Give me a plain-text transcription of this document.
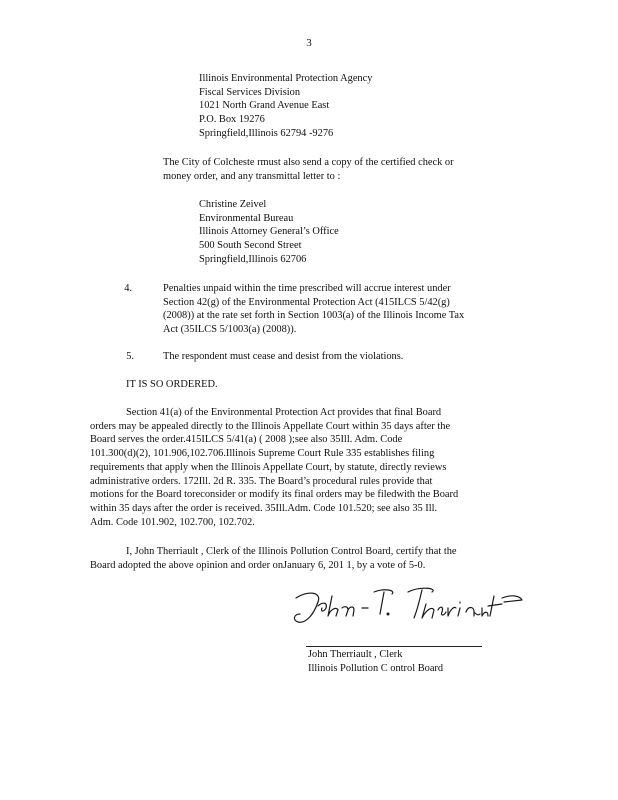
3

Illinois Environmental Protection Agency

Fiscal Services Division

1021 North Grand Avenue East

P.O. Box 19276

Springfield,Illinois 62794 -9276

The City of Colcheste rmust also send a copy of the certified check or

money order, and any transmittal letter to :

Christine Zeivel

Environmental Bureau

Illinois Attorney General’s Office

500 South Second Street

Springfield,Illinois 62706

4.	Penalties unpaid within the time prescribed will accrue interest under

Section 42(g) of the Environmental Protection Act (415ILCS 5/42(g)

(2008)) at the rate set forth in Section 1003(a) of the Illinois Income Tax

Act (35ILCS 5/1003(a) (2008)).

5.	The respondent must cease and desist from the violations.
IT IS SO ORDERED.

Section 41(a) of the Environmental Protection Act provides that final Board

orders may be appealed directly to the Illinois Appellate Court within 35 days after the

Board serves the order.415ILCS 5/41(a) ( 2008 );see also 35Ill. Adm. Code

101.300(d)(2), 101.906,102.706.Illinois Supreme Court Rule 335 establishes filing

requirements that apply when the Illinois Appellate Court, by statute, directly reviews

administrative orders. 172Ill. 2d R. 335. The Board’s procedural rules provide that

motions for the Board toreconsider or modify its final orders may be filedwith the Board

within 35 days after the order is received. 35Ill.Adm. Code 101.520; see also 35 Ill.

Adm. Code 101.902, 102.700, 102.702.

I, John Therriault , Clerk of the Illinois Pollution Control Board, certify that the

Board adopted the above opinion and order onJanuary 6, 201 1, by a vote of 5-0.

John Therriault , Clerk

Illinois Pollution C ontrol Board
